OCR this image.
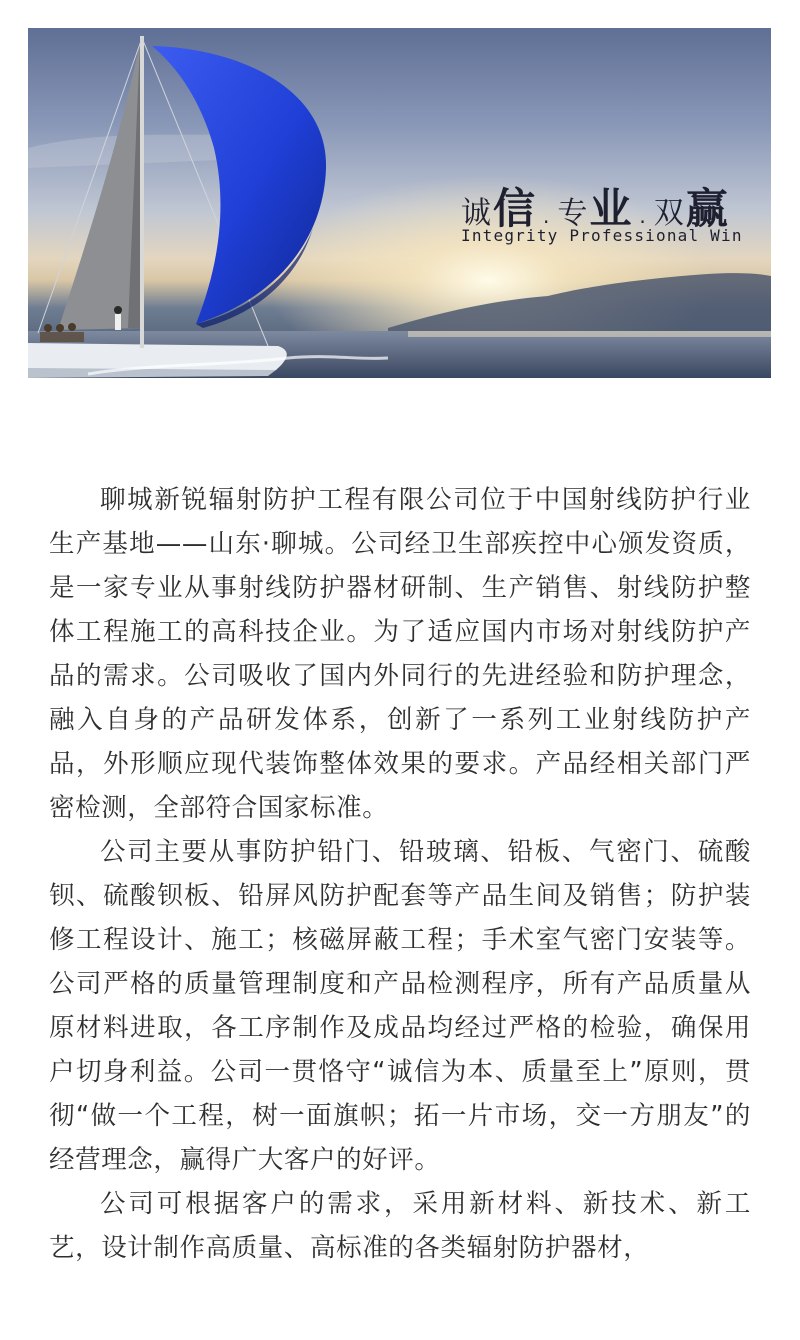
诚信 . 专业 . 双赢
Integrity Professional Win

聊城新锐辐射防护工程有限公司位于中国射线防护行业生产基地——山东·聊城。公司经卫生部疾控中心颁发资质，是一家专业从事射线防护器材研制、生产销售、射线防护整体工程施工的高科技企业。为了适应国内市场对射线防护产品的需求。公司吸收了国内外同行的先进经验和防护理念，融入自身的产品研发体系，创新了一系列工业射线防护产品，外形顺应现代装饰整体效果的要求。产品经相关部门严密检测，全部符合国家标准。

公司主要从事防护铅门、铅玻璃、铅板、气密门、硫酸钡、硫酸钡板、铅屏风防护配套等产品生间及销售；防护装修工程设计、施工；核磁屏蔽工程；手术室气密门安装等。公司严格的质量管理制度和产品检测程序，所有产品质量从原材料进取，各工序制作及成品均经过严格的检验，确保用户切身利益。公司一贯恪守“诚信为本、质量至上”原则，贯彻“做一个工程，树一面旗帜；拓一片市场，交一方朋友”的经营理念，赢得广大客户的好评。

公司可根据客户的需求，采用新材料、新技术、新工艺，设计制作高质量、高标准的各类辐射防护器材，
